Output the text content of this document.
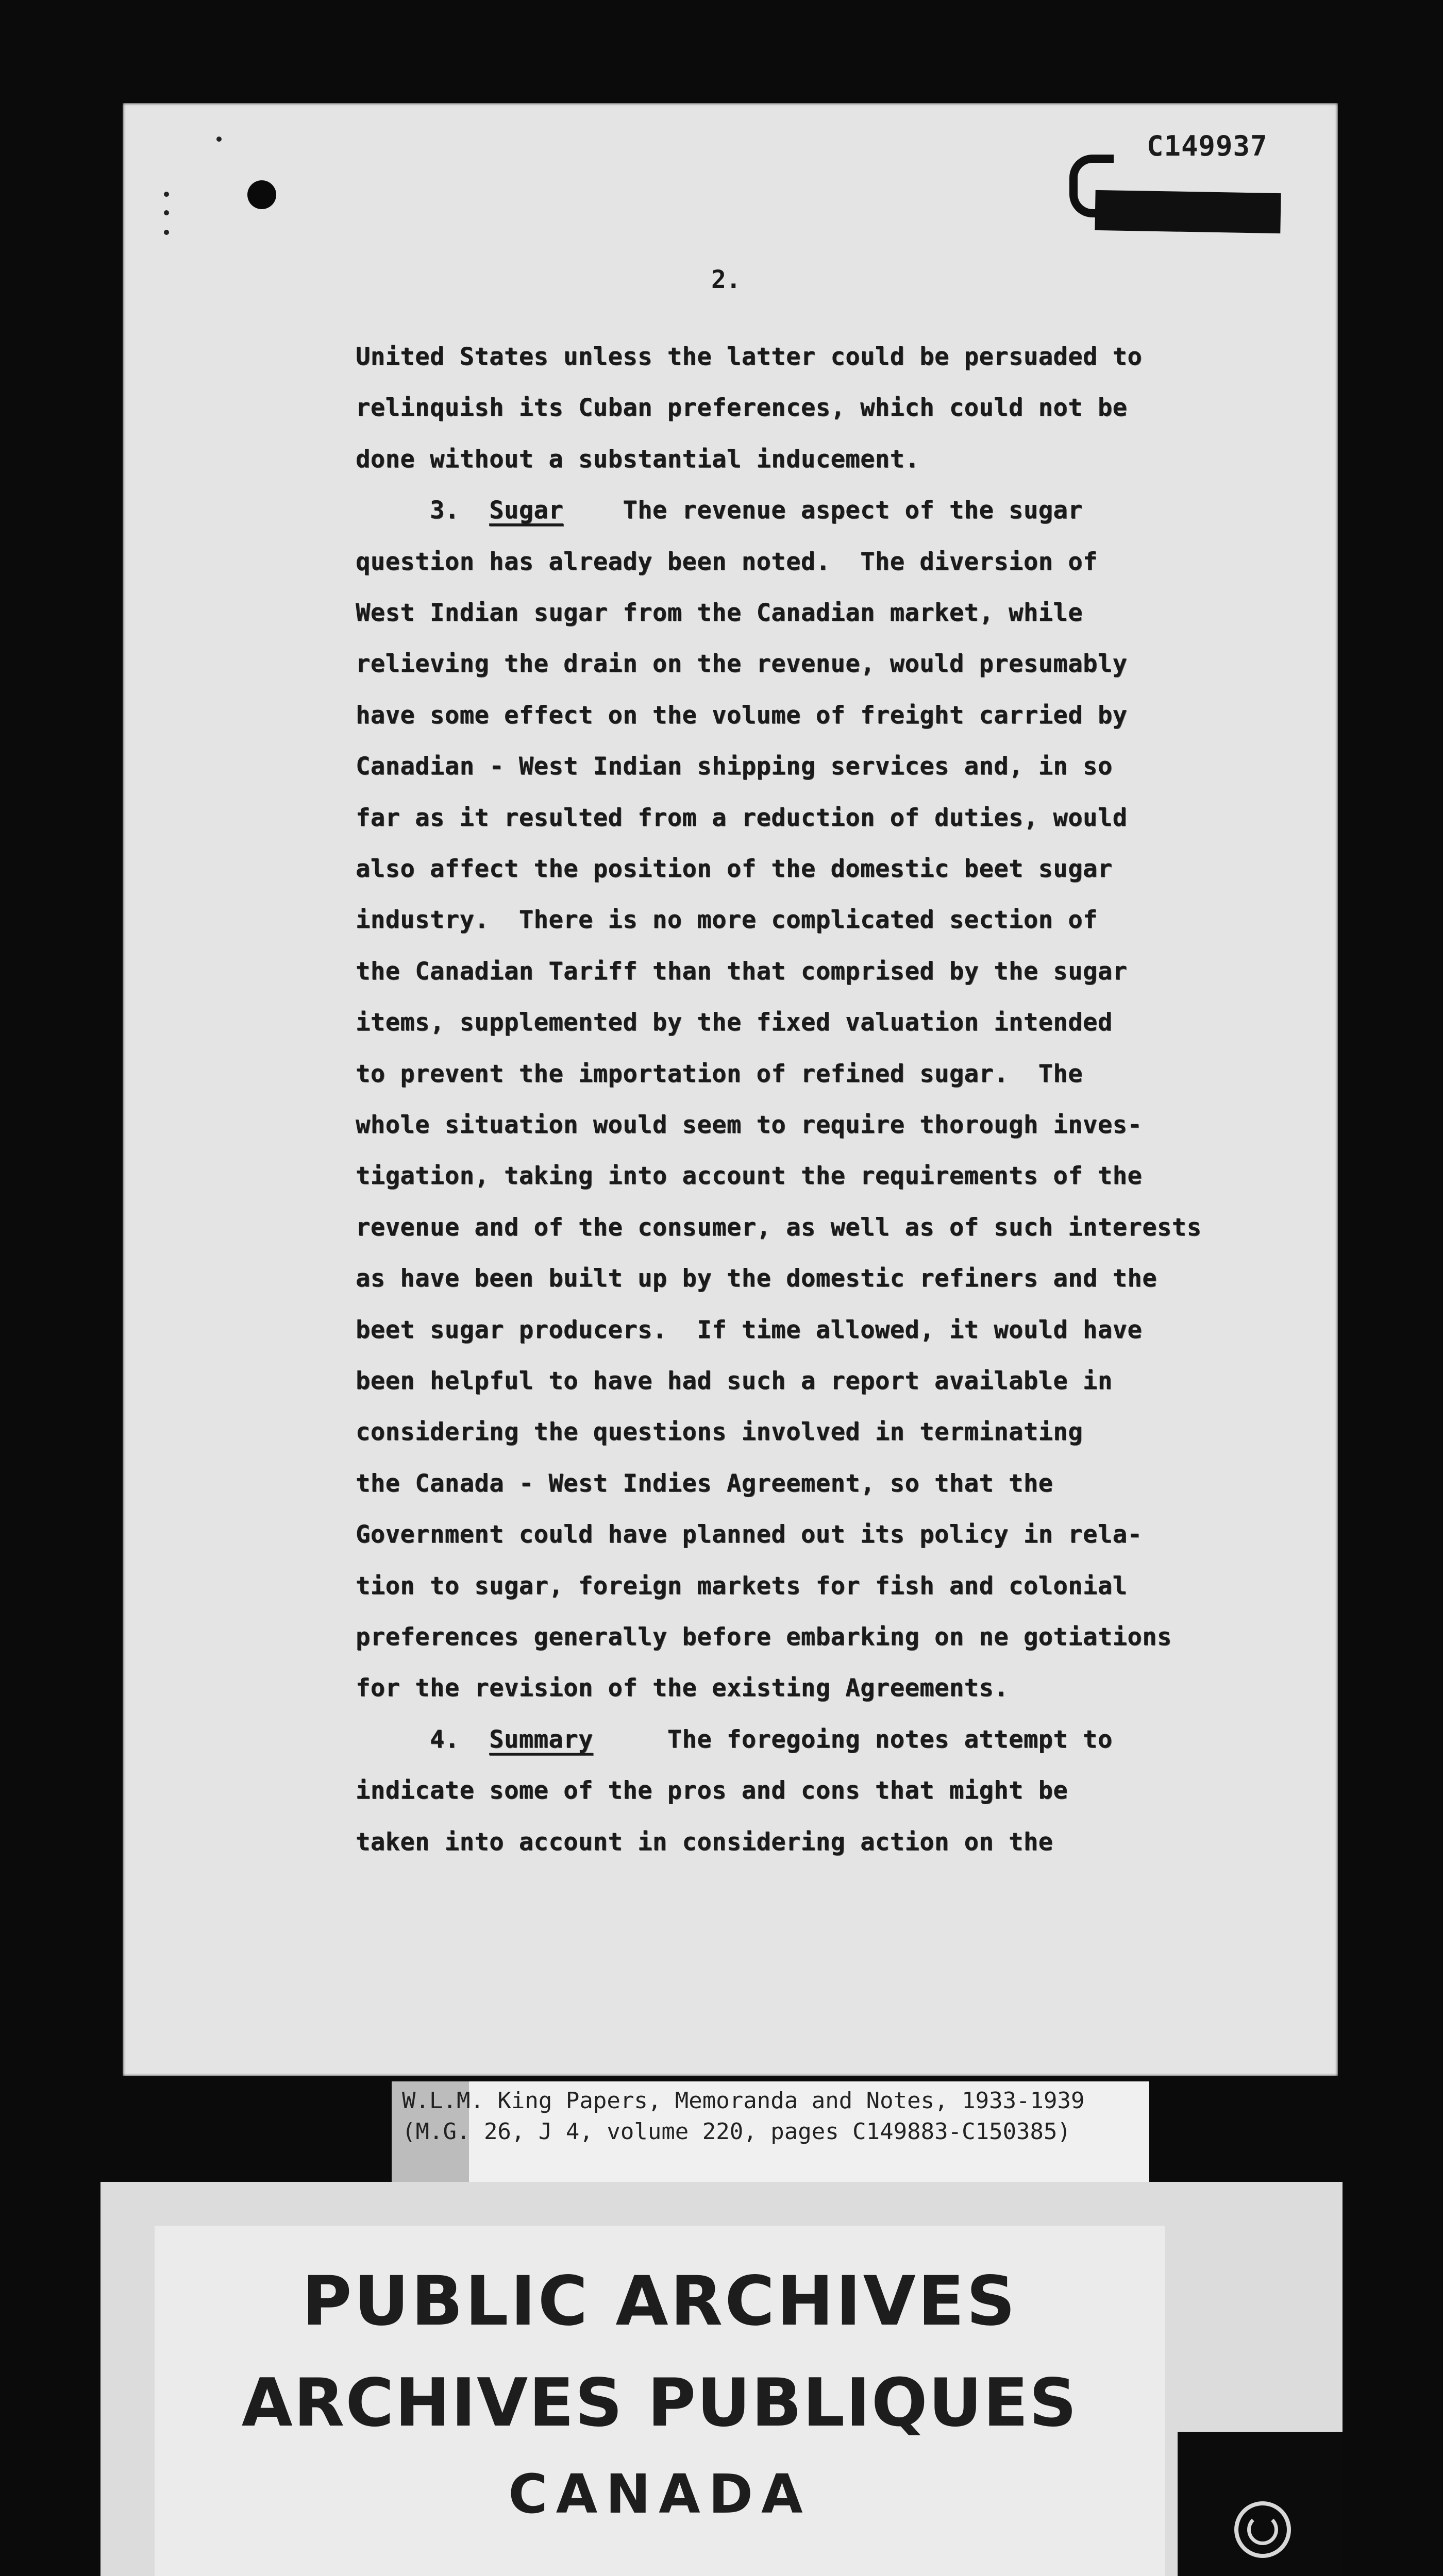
C149937
2.
United States unless the latter could be persuaded to
relinquish its Cuban preferences, which could not be
done without a substantial inducement.
3.  Sugar    The revenue aspect of the sugar
question has already been noted.  The diversion of
West Indian sugar from the Canadian market, while
relieving the drain on the revenue, would presumably
have some effect on the volume of freight carried by
Canadian - West Indian shipping services and, in so
far as it resulted from a reduction of duties, would
also affect the position of the domestic beet sugar
industry.  There is no more complicated section of
the Canadian Tariff than that comprised by the sugar
items, supplemented by the fixed valuation intended
to prevent the importation of refined sugar.  The
whole situation would seem to require thorough inves-
tigation, taking into account the requirements of the
revenue and of the consumer, as well as of such interests
as have been built up by the domestic refiners and the
beet sugar producers.  If time allowed, it would have
been helpful to have had such a report available in
considering the questions involved in terminating
the Canada - West Indies Agreement, so that the
Government could have planned out its policy in rela-
tion to sugar, foreign markets for fish and colonial
preferences generally before embarking on ne gotiations
for the revision of the existing Agreements.
4.  Summary     The foregoing notes attempt to
indicate some of the pros and cons that might be
taken into account in considering action on the
W.L.M. King Papers, Memoranda and Notes, 1933-1939
(M.G. 26, J 4, volume 220, pages C149883-C150385)
PUBLIC ARCHIVES
ARCHIVES PUBLIQUES
CANADA
